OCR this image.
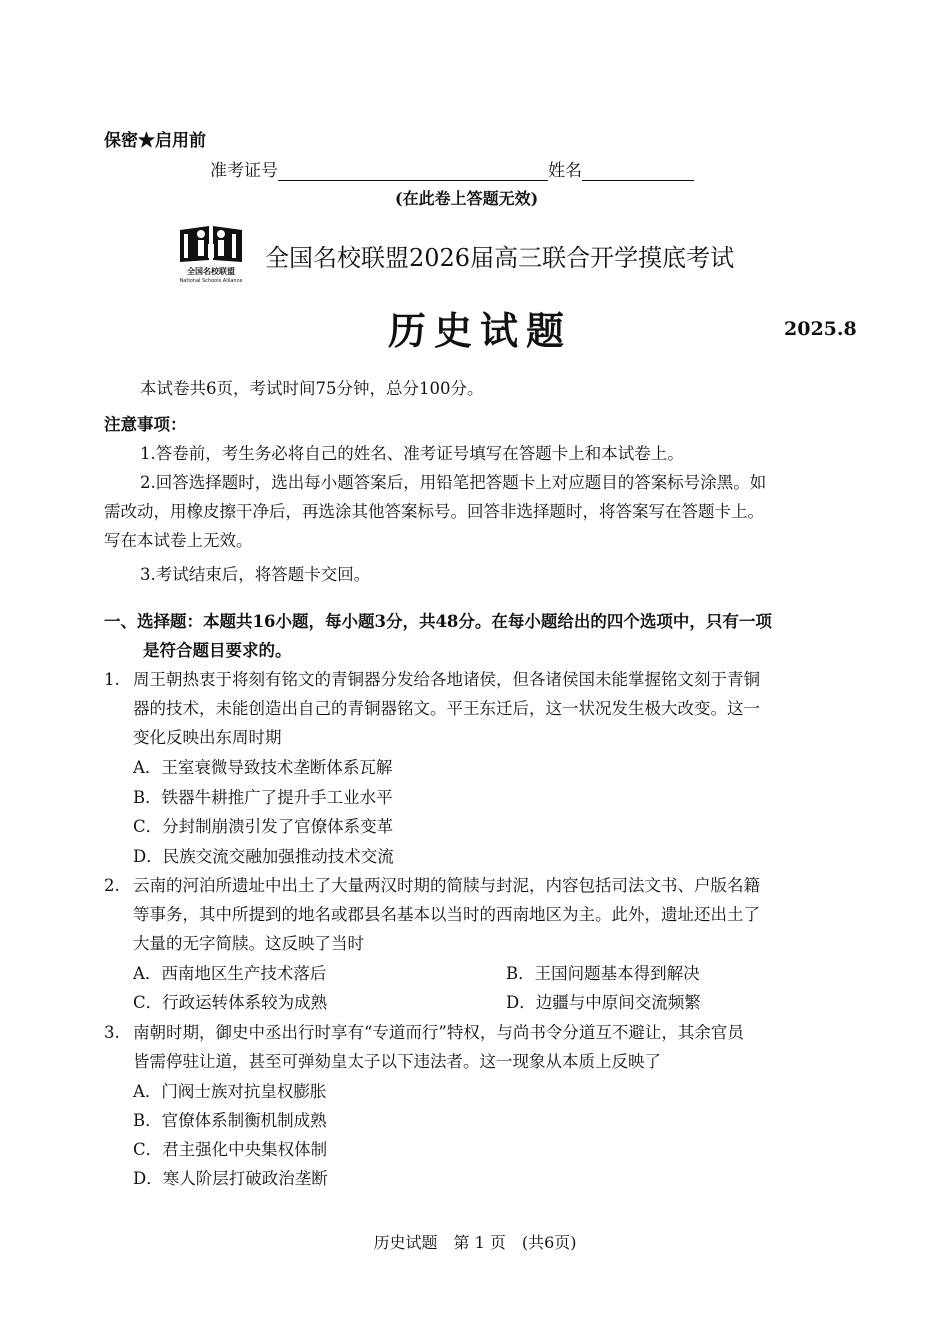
保密★启用前
准考证号	姓名
(在此卷上答题无效)
全国名校联盟
National Schools Alliance
全国名校联盟2026届高三联合开学摸底考试
历史试题	2025.8
本试卷共6页，考试时间75分钟，总分100分。
注意事项：
1.答卷前，考生务必将自己的姓名、准考证号填写在答题卡上和本试卷上。
2.回答选择题时，选出每小题答案后，用铅笔把答题卡上对应题目的答案标号涂黑。如
需改动，用橡皮擦干净后，再选涂其他答案标号。回答非选择题时，将答案写在答题卡上。
写在本试卷上无效。
3.考试结束后，将答题卡交回。
一、选择题：本题共16小题，每小题3分，共48分。在每小题给出的四个选项中，只有一项
是符合题目要求的。
1. 周王朝热衷于将刻有铭文的青铜器分发给各地诸侯，但各诸侯国未能掌握铭文刻于青铜
器的技术，未能创造出自己的青铜器铭文。平王东迁后，这一状况发生极大改变。这一
变化反映出东周时期
A．王室衰微导致技术垄断体系瓦解
B．铁器牛耕推广了提升手工业水平
C．分封制崩溃引发了官僚体系变革
D．民族交流交融加强推动技术交流
2. 云南的河泊所遗址中出土了大量两汉时期的简牍与封泥，内容包括司法文书、户版名籍
等事务，其中所提到的地名或郡县名基本以当时的西南地区为主。此外，遗址还出土了
大量的无字简牍。这反映了当时
A．西南地区生产技术落后	B．王国问题基本得到解决
C．行政运转体系较为成熟	D．边疆与中原间交流频繁
3. 南朝时期，御史中丞出行时享有“专道而行”特权，与尚书令分道互不避让，其余官员
皆需停驻让道，甚至可弹劾皇太子以下违法者。这一现象从本质上反映了
A．门阀士族对抗皇权膨胀
B．官僚体系制衡机制成熟
C．君主强化中央集权体制
D．寒人阶层打破政治垄断
历史试题　第 1 页　(共6页)
